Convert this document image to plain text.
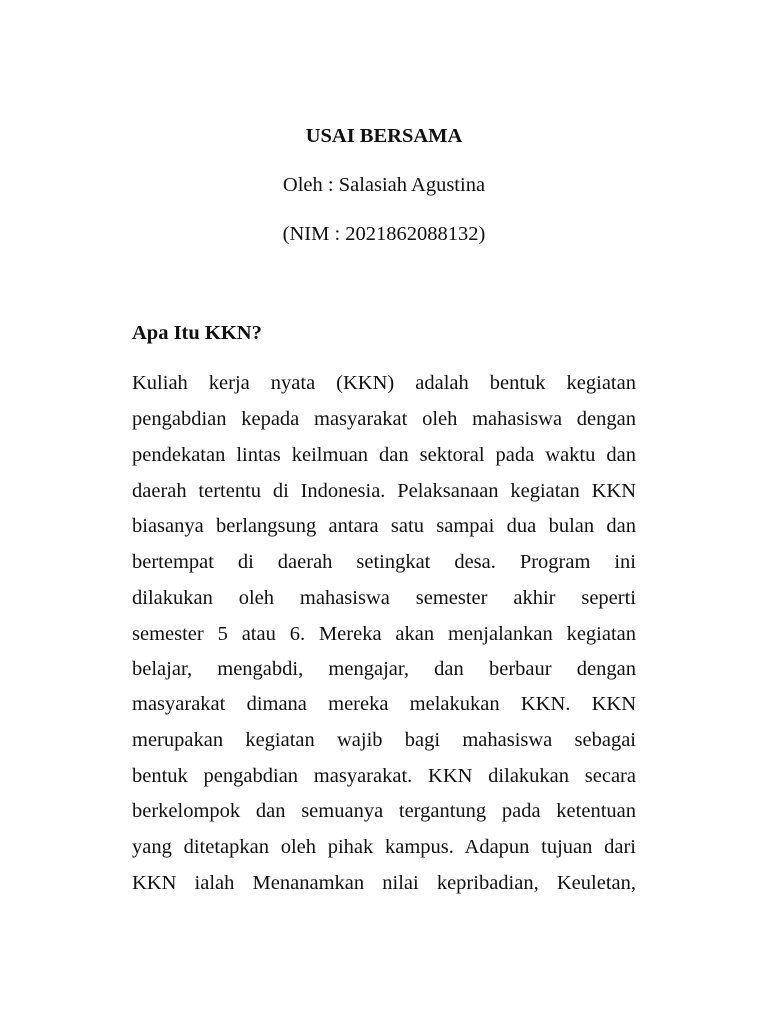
USAI BERSAMA
Oleh : Salasiah Agustina
(NIM : 2021862088132)
Apa Itu KKN?
Kuliah kerja nyata (KKN) adalah bentuk kegiatan
pengabdian kepada masyarakat oleh mahasiswa dengan
pendekatan lintas keilmuan dan sektoral pada waktu dan
daerah tertentu di Indonesia. Pelaksanaan kegiatan KKN
biasanya berlangsung antara satu sampai dua bulan dan
bertempat di daerah setingkat desa. Program ini
dilakukan oleh mahasiswa semester akhir seperti
semester 5 atau 6. Mereka akan menjalankan kegiatan
belajar, mengabdi, mengajar, dan berbaur dengan
masyarakat dimana mereka melakukan KKN. KKN
merupakan kegiatan wajib bagi mahasiswa sebagai
bentuk pengabdian masyarakat. KKN dilakukan secara
berkelompok dan semuanya tergantung pada ketentuan
yang ditetapkan oleh pihak kampus. Adapun tujuan dari
KKN ialah Menanamkan nilai kepribadian, Keuletan,
